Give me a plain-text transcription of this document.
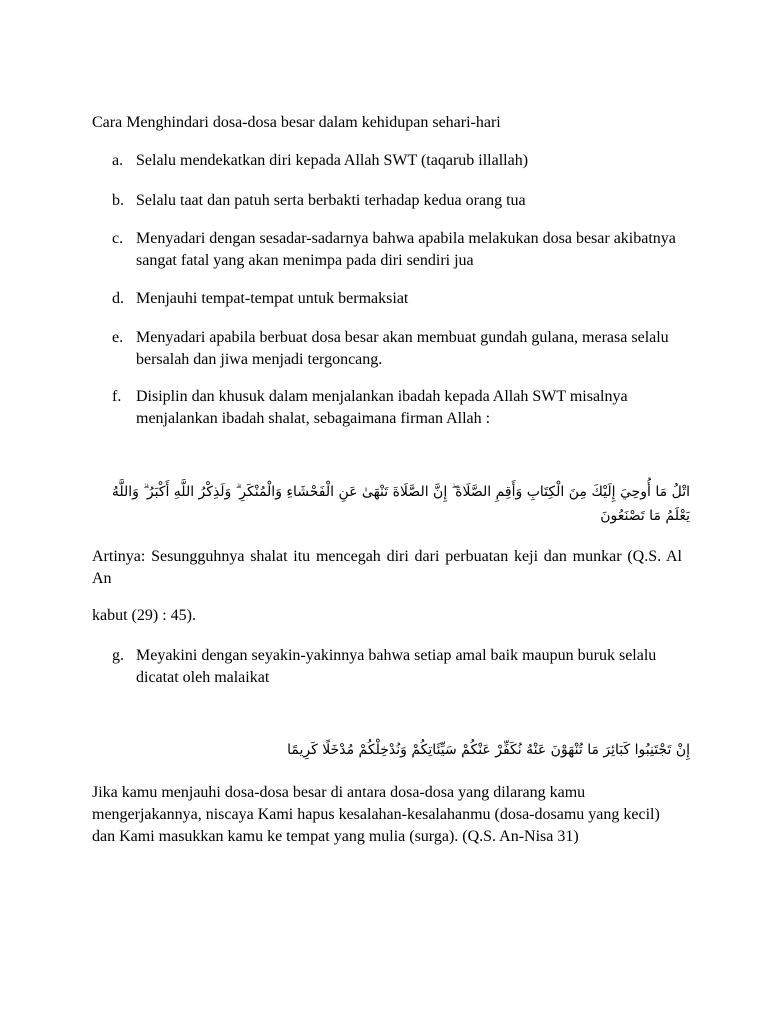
Cara Menghindari dosa-dosa besar dalam kehidupan sehari-hari
a. Selalu mendekatkan diri kepada Allah SWT (taqarub illallah)
b. Selalu taat dan patuh serta berbakti terhadap kedua orang tua
c. Menyadari dengan sesadar-sadarnya bahwa apabila melakukan dosa besar akibatnya sangat fatal yang akan menimpa pada diri sendiri jua
d. Menjauhi tempat-tempat untuk bermaksiat
e. Menyadari apabila berbuat dosa besar akan membuat gundah gulana, merasa selalu bersalah dan jiwa menjadi tergoncang.
f. Disiplin dan khusuk dalam menjalankan ibadah kepada Allah SWT misalnya menjalankan ibadah shalat, sebagaimana firman Allah :
اتْلُ مَا أُوحِيَ إِلَيْكَ مِنَ الْكِتَابِ وَأَقِمِ الصَّلَاةَ ۖ إِنَّ الصَّلَاةَ تَنْهَىٰ عَنِ الْفَحْشَاءِ وَالْمُنْكَرِ ۗ وَلَذِكْرُ اللَّهِ أَكْبَرُ ۗ وَاللَّهُ يَعْلَمُ مَا تَصْنَعُونَ
Artinya: Sesungguhnya shalat itu mencegah diri dari perbuatan keji dan munkar (Q.S. Al An
kabut (29) : 45).
g. Meyakini dengan seyakin-yakinnya bahwa setiap amal baik maupun buruk selalu dicatat oleh malaikat
إِنْ تَجْتَنِبُوا كَبَائِرَ مَا تُنْهَوْنَ عَنْهُ نُكَفِّرْ عَنْكُمْ سَيِّئَاتِكُمْ وَنُدْخِلْكُمْ مُدْخَلًا كَرِيمًا
Jika kamu menjauhi dosa-dosa besar di antara dosa-dosa yang dilarang kamu mengerjakannya, niscaya Kami hapus kesalahan-kesalahanmu (dosa-dosamu yang kecil) dan Kami masukkan kamu ke tempat yang mulia (surga). (Q.S. An-Nisa 31)
